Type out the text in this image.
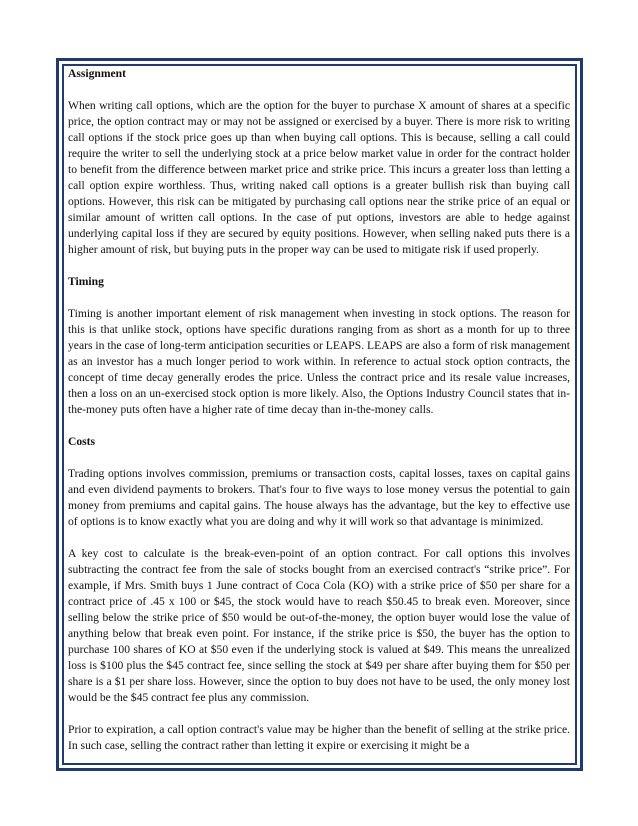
Assignment

When writing call options, which are the option for the buyer to purchase X amount of shares at a specific price, the option contract may or may not be assigned or exercised by a buyer. There is more risk to writing call options if the stock price goes up than when buying call options. This is because, selling a call could require the writer to sell the underlying stock at a price below market value in order for the contract holder to benefit from the difference between market price and strike price. This incurs a greater loss than letting a call option expire worthless. Thus, writing naked call options is a greater bullish risk than buying call options. However, this risk can be mitigated by purchasing call options near the strike price of an equal or similar amount of written call options. In the case of put options, investors are able to hedge against underlying capital loss if they are secured by equity positions. However, when selling naked puts there is a higher amount of risk, but buying puts in the proper way can be used to mitigate risk if used properly.

Timing

Timing is another important element of risk management when investing in stock options. The reason for this is that unlike stock, options have specific durations ranging from as short as a month for up to three years in the case of long-term anticipation securities or LEAPS. LEAPS are also a form of risk management as an investor has a much longer period to work within. In reference to actual stock option contracts, the concept of time decay generally erodes the price. Unless the contract price and its resale value increases, then a loss on an un-exercised stock option is more likely. Also, the Options Industry Council states that in-the-money puts often have a higher rate of time decay than in-the-money calls.

Costs

Trading options involves commission, premiums or transaction costs, capital losses, taxes on capital gains and even dividend payments to brokers. That's four to five ways to lose money versus the potential to gain money from premiums and capital gains. The house always has the advantage, but the key to effective use of options is to know exactly what you are doing and why it will work so that advantage is minimized.

A key cost to calculate is the break-even-point of an option contract. For call options this involves subtracting the contract fee from the sale of stocks bought from an exercised contract's “strike price”. For example, if Mrs. Smith buys 1 June contract of Coca Cola (KO) with a strike price of $50 per share for a contract price of .45 x 100 or $45, the stock would have to reach $50.45 to break even. Moreover, since selling below the strike price of $50 would be out-of-the-money, the option buyer would lose the value of anything below that break even point. For instance, if the strike price is $50, the buyer has the option to purchase 100 shares of KO at $50 even if the underlying stock is valued at $49. This means the unrealized loss is $100 plus the $45 contract fee, since selling the stock at $49 per share after buying them for $50 per share is a $1 per share loss. However, since the option to buy does not have to be used, the only money lost would be the $45 contract fee plus any commission.

Prior to expiration, a call option contract's value may be higher than the benefit of selling at the strike price. In such case, selling the contract rather than letting it expire or exercising it might be a
